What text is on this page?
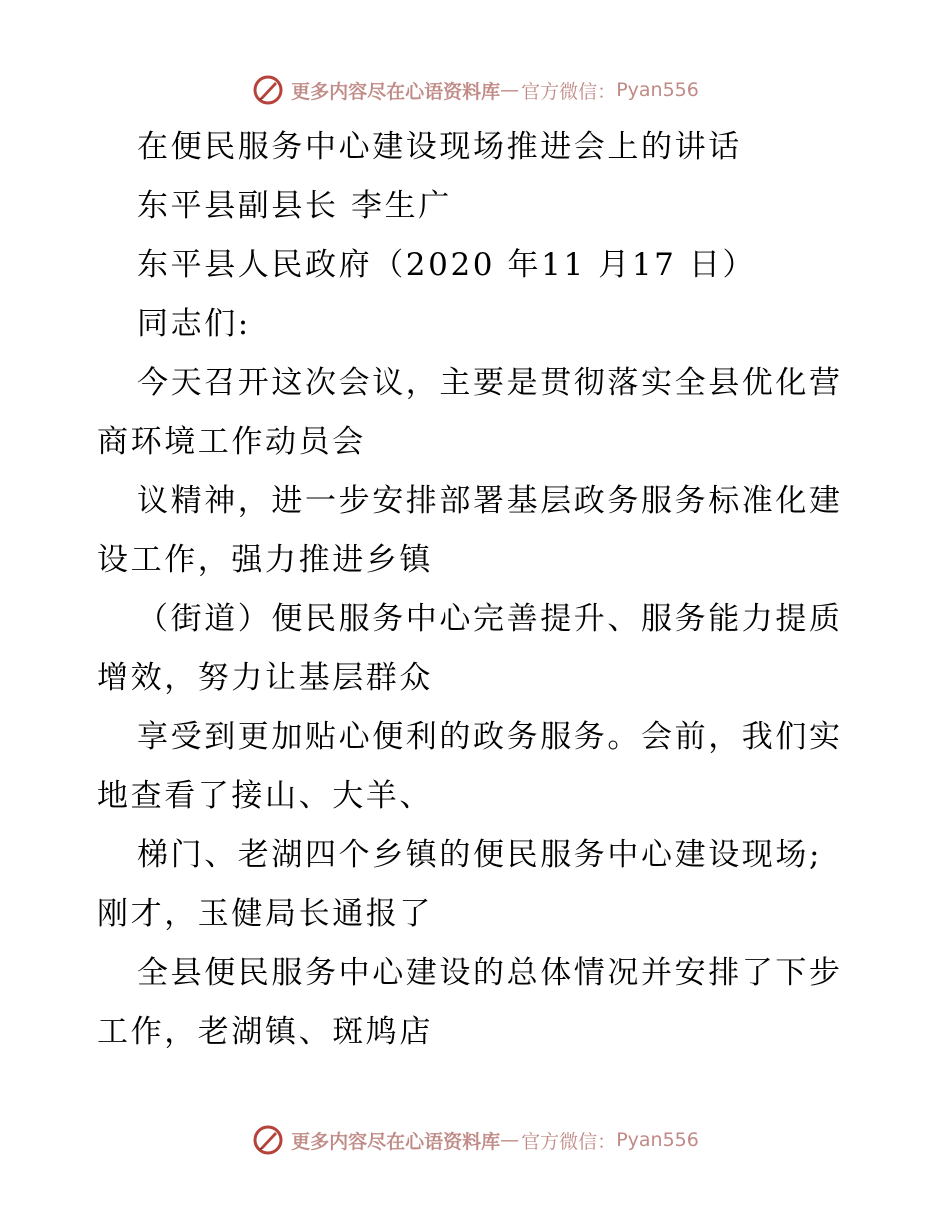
更多内容尽在心语资料库 — 官方微信： Pyan556
在便民服务中心建设现场推进会上的讲话
东平县副县长 李生广
东平县人民政府（2020 年11 月17 日）
同志们:
今天召开这次会议，主要是贯彻落实全县优化营
商环境工作动员会
议精神，进一步安排部署基层政务服务标准化建
设工作，强力推进乡镇
（街道）便民服务中心完善提升、服务能力提质
增效，努力让基层群众
享受到更加贴心便利的政务服务。会前，我们实
地查看了接山、大羊、
梯门、老湖四个乡镇的便民服务中心建设现场;
刚才，玉健局长通报了
全县便民服务中心建设的总体情况并安排了下步
工作，老湖镇、斑鸠店
更多内容尽在心语资料库 — 官方微信： Pyan556
